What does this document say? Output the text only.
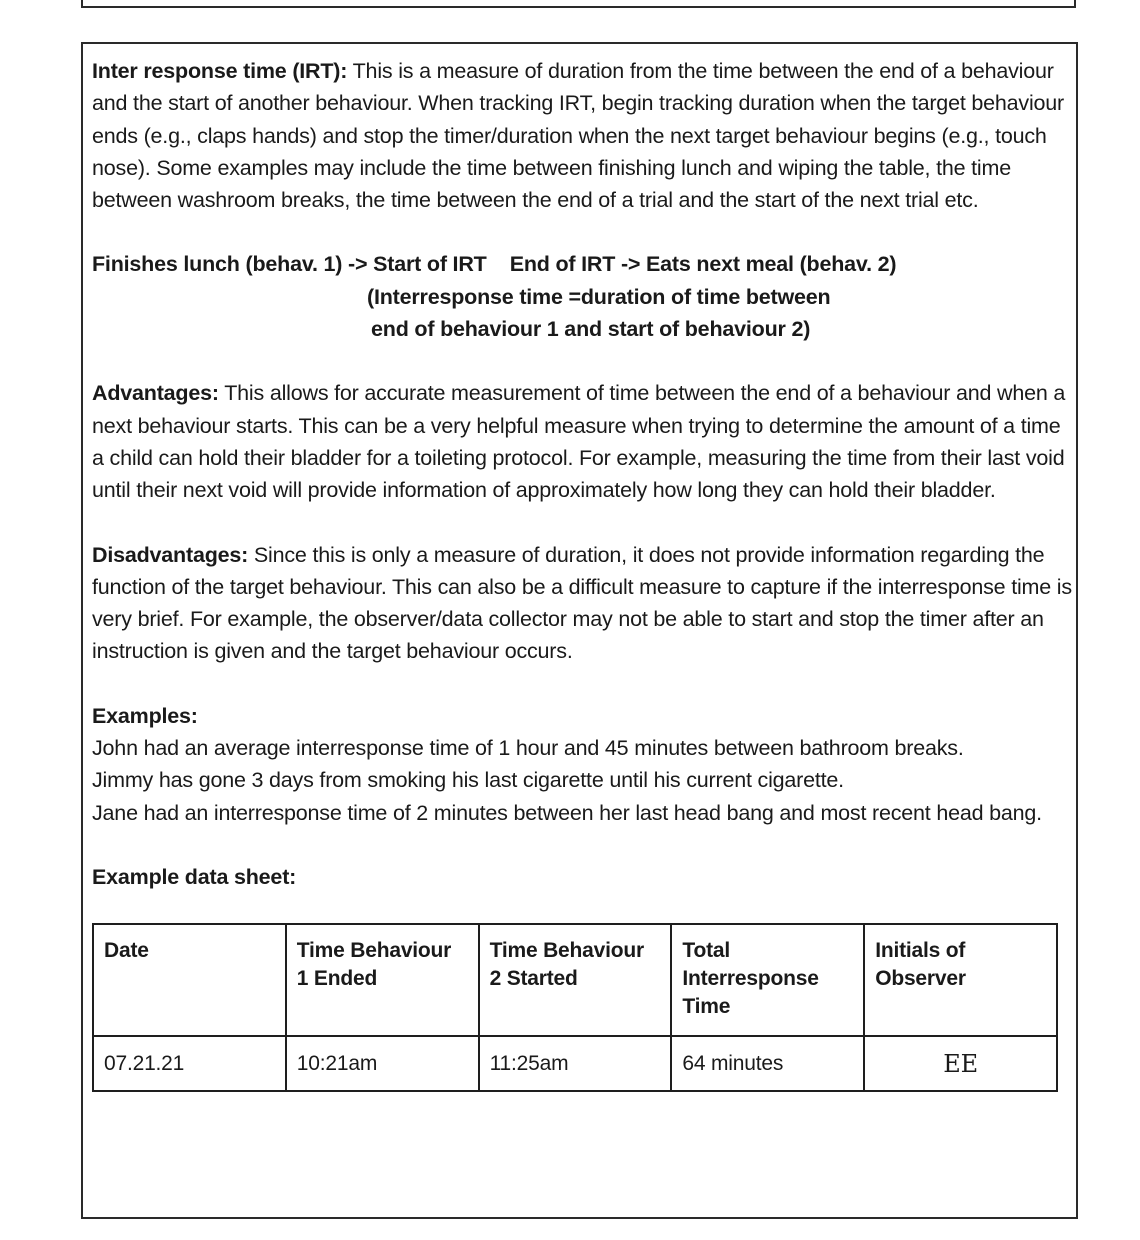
Inter response time (IRT): This is a measure of duration from the time between the end of a behaviour and the start of another behaviour. When tracking IRT, begin tracking duration when the target behaviour ends (e.g., claps hands) and stop the timer/duration when the next target behaviour begins (e.g., touch nose). Some examples may include the time between finishing lunch and wiping the table, the time between washroom breaks, the time between the end of a trial and the start of the next trial etc.

Finishes lunch (behav. 1) -> Start of IRT End of IRT -> Eats next meal (behav. 2)

(Interresponse time =duration of time between

end of behaviour 1 and start of behaviour 2)

Advantages: This allows for accurate measurement of time between the end of a behaviour and when a next behaviour starts. This can be a very helpful measure when trying to determine the amount of a time a child can hold their bladder for a toileting protocol. For example, measuring the time from their last void until their next void will provide information of approximately how long they can hold their bladder.

Disadvantages: Since this is only a measure of duration, it does not provide information regarding the function of the target behaviour. This can also be a difficult measure to capture if the interresponse time is very brief. For example, the observer/data collector may not be able to start and stop the timer after an instruction is given and the target behaviour occurs.

Examples:

John had an average interresponse time of 1 hour and 45 minutes between bathroom breaks.

Jimmy has gone 3 days from smoking his last cigarette until his current cigarette.

Jane had an interresponse time of 2 minutes between her last head bang and most recent head bang.

Example data sheet:

Date	Time Behaviour 1 Ended	Time Behaviour 2 Started	Total Interresponse Time	Initials of Observer
07.21.21	10:21am	11:25am	64 minutes	EE
